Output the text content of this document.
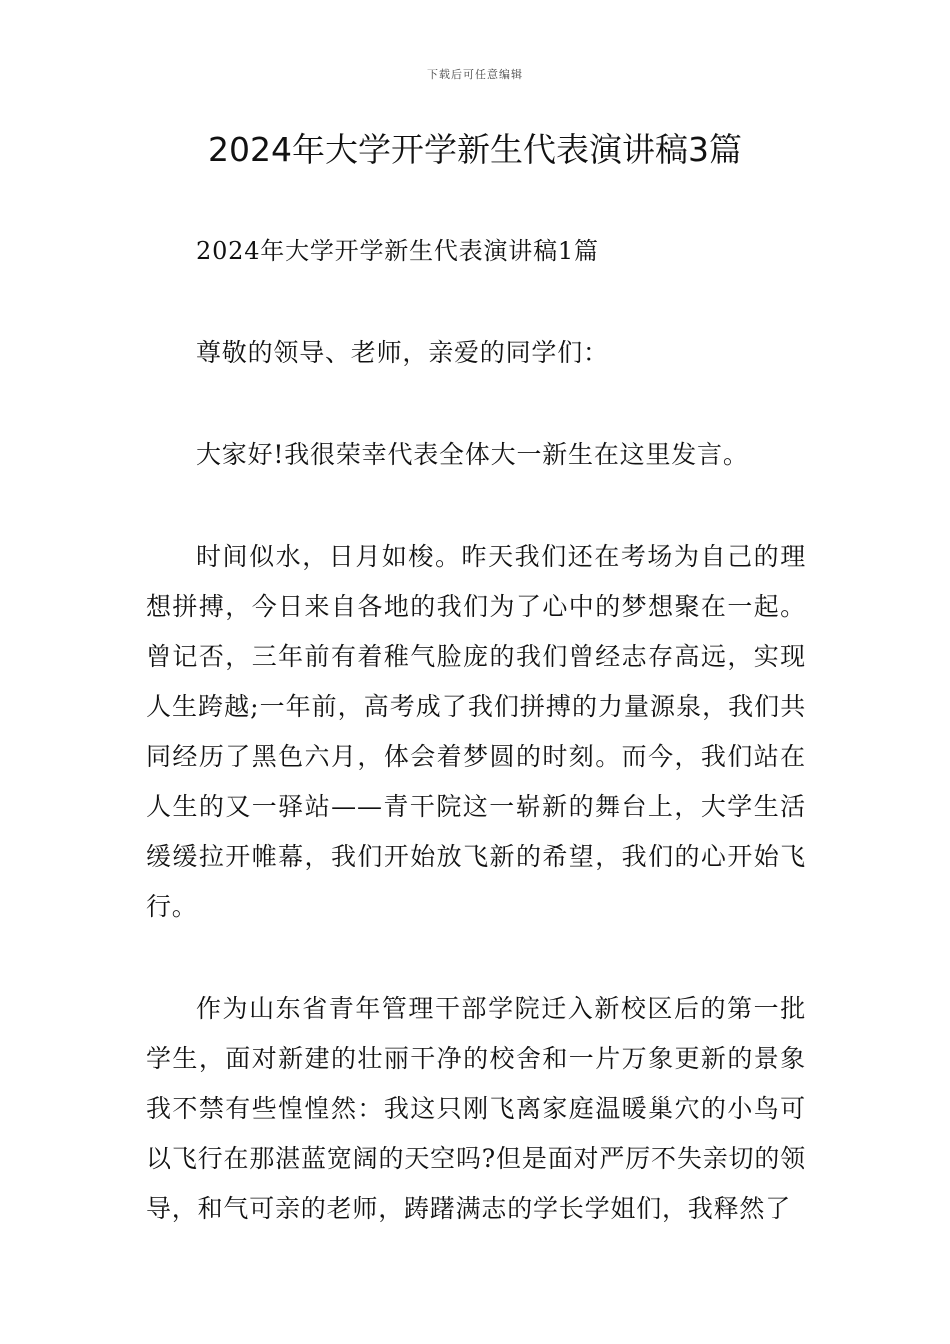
下载后可任意编辑
2024年大学开学新生代表演讲稿3篇

2024年大学开学新生代表演讲稿1篇

尊敬的领导、老师，亲爱的同学们：

大家好!我很荣幸代表全体大一新生在这里发言。

时间似水，日月如梭。昨天我们还在考场为自己的理想拼搏，今日来自各地的我们为了心中的梦想聚在一起。曾记否，三年前有着稚气脸庞的我们曾经志存高远，实现人生跨越;一年前，高考成了我们拼搏的力量源泉，我们共同经历了黑色六月，体会着梦圆的时刻。而今，我们站在人生的又一驿站——青干院这一崭新的舞台上，大学生活缓缓拉开帷幕，我们开始放飞新的希望，我们的心开始飞行。

作为山东省青年管理干部学院迁入新校区后的第一批学生，面对新建的壮丽干净的校舍和一片万象更新的景象我不禁有些惶惶然：我这只刚飞离家庭温暖巢穴的小鸟可以飞行在那湛蓝宽阔的天空吗?但是面对严厉不失亲切的领导，和气可亲的老师，踌躇满志的学长学姐们，我释然了
